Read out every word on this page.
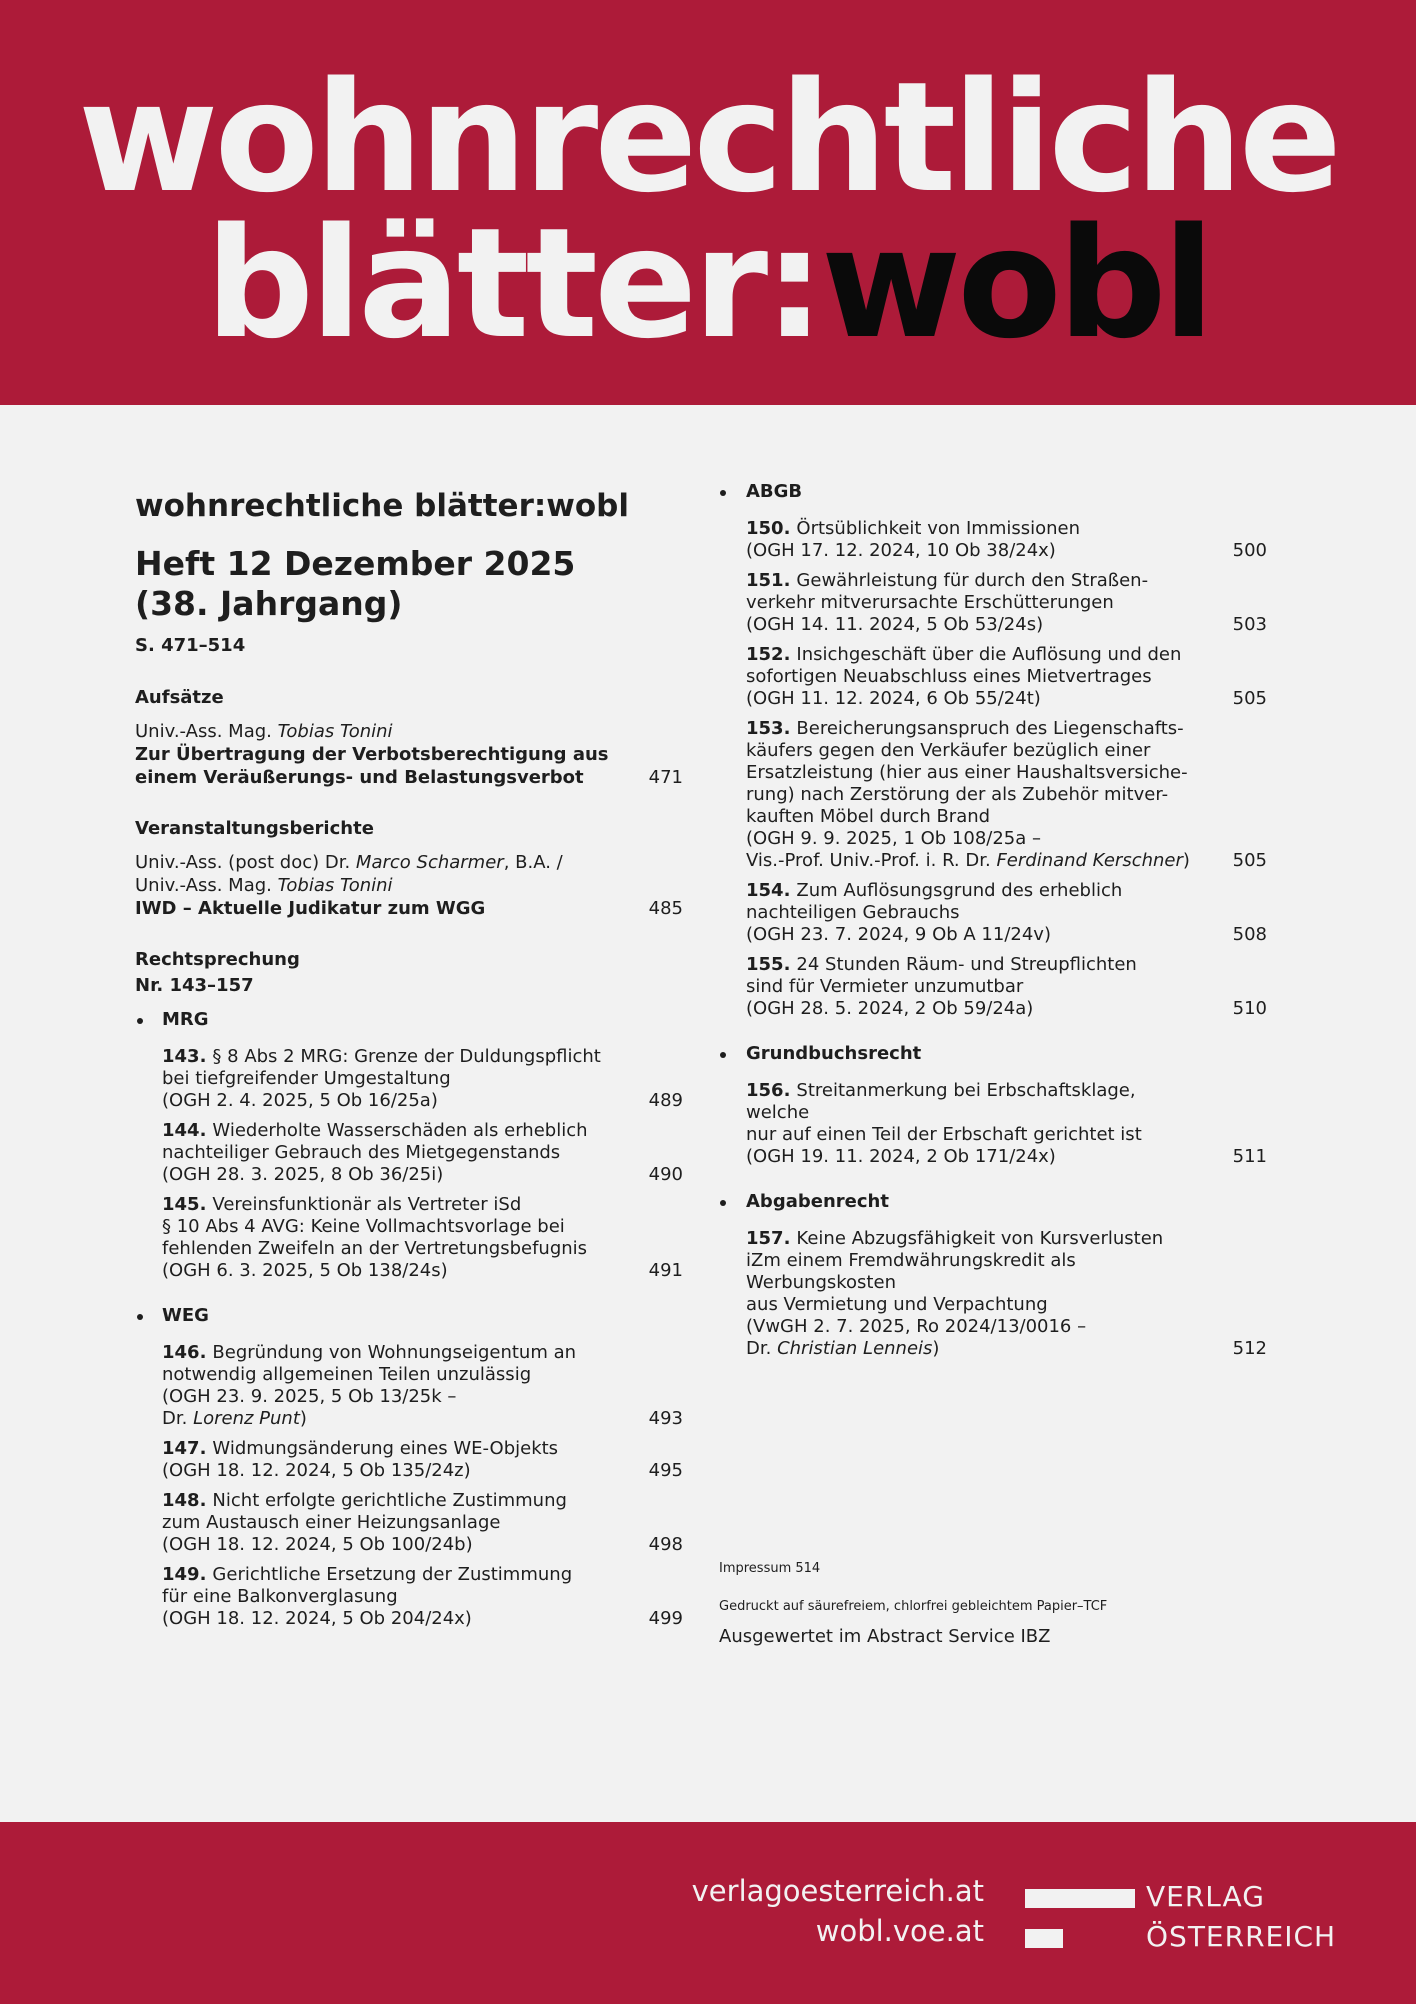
wohnrechtliche
blätter:wobl
wohnrechtliche blätter:wobl
Heft 12 Dezember 2025
(38. Jahrgang)
S. 471–514
Aufsätze
Univ.-Ass. Mag. Tobias Tonini
Zur Übertragung der Verbotsberechtigung aus
einem Veräußerungs- und Belastungsverbot	471
Veranstaltungsberichte
Univ.-Ass. (post doc) Dr. Marco Scharmer, B.A. /
Univ.-Ass. Mag. Tobias Tonini
IWD – Aktuelle Judikatur zum WGG	485
Rechtsprechung
Nr. 143–157
MRG
143. § 8 Abs 2 MRG: Grenze der Duldungspflicht
bei tiefgreifender Umgestaltung
(OGH 2. 4. 2025, 5 Ob 16/25a)	489
144. Wiederholte Wasserschäden als erheblich
nachteiliger Gebrauch des Mietgegenstands
(OGH 28. 3. 2025, 8 Ob 36/25i)	490
145. Vereinsfunktionär als Vertreter iSd
§ 10 Abs 4 AVG: Keine Vollmachtsvorlage bei
fehlenden Zweifeln an der Vertretungsbefugnis
(OGH 6. 3. 2025, 5 Ob 138/24s)	491
WEG
146. Begründung von Wohnungseigentum an
notwendig allgemeinen Teilen unzulässig
(OGH 23. 9. 2025, 5 Ob 13/25k –
Dr. Lorenz Punt)	493
147. Widmungsänderung eines WE-Objekts
(OGH 18. 12. 2024, 5 Ob 135/24z)	495
148. Nicht erfolgte gerichtliche Zustimmung
zum Austausch einer Heizungsanlage
(OGH 18. 12. 2024, 5 Ob 100/24b)	498
149. Gerichtliche Ersetzung der Zustimmung
für eine Balkonverglasung
(OGH 18. 12. 2024, 5 Ob 204/24x)	499
ABGB
150. Örtsüblichkeit von Immissionen
(OGH 17. 12. 2024, 10 Ob 38/24x)	500
151. Gewährleistung für durch den Straßen-
verkehr mitverursachte Erschütterungen
(OGH 14. 11. 2024, 5 Ob 53/24s)	503
152. Insichgeschäft über die Auflösung und den
sofortigen Neuabschluss eines Mietvertrages
(OGH 11. 12. 2024, 6 Ob 55/24t)	505
153. Bereicherungsanspruch des Liegenschafts-
käufers gegen den Verkäufer bezüglich einer
Ersatzleistung (hier aus einer Haushaltsversiche-
rung) nach Zerstörung der als Zubehör mitver-
kauften Möbel durch Brand
(OGH 9. 9. 2025, 1 Ob 108/25a –
Vis.-Prof. Univ.-Prof. i. R. Dr. Ferdinand Kerschner)	505
154. Zum Auflösungsgrund des erheblich
nachteiligen Gebrauchs
(OGH 23. 7. 2024, 9 Ob A 11/24v)	508
155. 24 Stunden Räum- und Streupflichten
sind für Vermieter unzumutbar
(OGH 28. 5. 2024, 2 Ob 59/24a)	510
Grundbuchsrecht
156. Streitanmerkung bei Erbschaftsklage, welche
nur auf einen Teil der Erbschaft gerichtet ist
(OGH 19. 11. 2024, 2 Ob 171/24x)	511
Abgabenrecht
157. Keine Abzugsfähigkeit von Kursverlusten
iZm einem Fremdwährungskredit als Werbungskosten
aus Vermietung und Verpachtung
(VwGH 2. 7. 2025, Ro 2024/13/0016 –
Dr. Christian Lenneis)	512
Impressum 514
Gedruckt auf säurefreiem, chlorfrei gebleichtem Papier–TCF
Ausgewertet im Abstract Service IBZ
verlagoesterreich.at
wobl.voe.at
VERLAG
ÖSTERREICH
